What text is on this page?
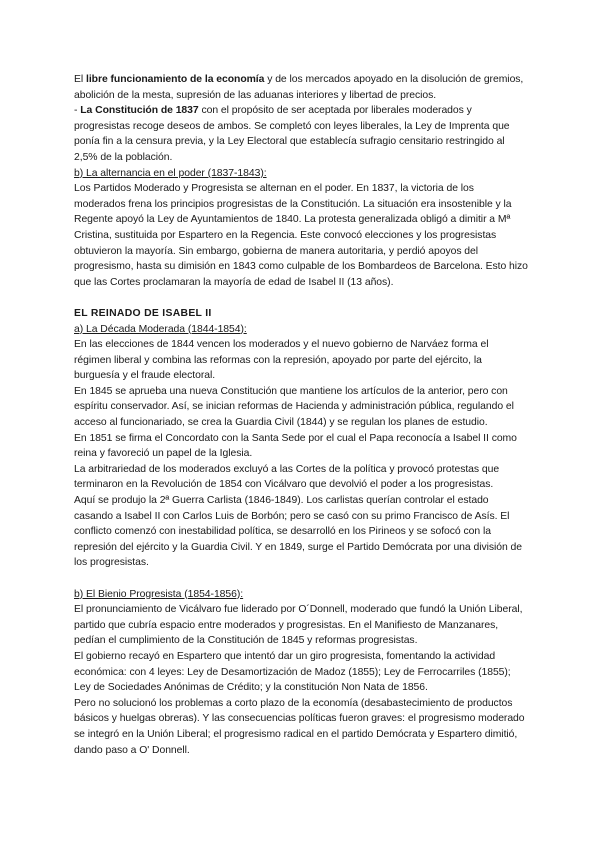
El libre funcionamiento de la economía y de los mercados apoyado en la disolución de gremios, abolición de la mesta, supresión de las aduanas interiores y libertad de precios.

- La Constitución de 1837 con el propósito de ser aceptada por liberales moderados y progresistas recoge deseos de ambos. Se completó con leyes liberales, la Ley de Imprenta que ponía fin a la censura previa, y la Ley Electoral que establecía sufragio censitario restringido al 2,5% de la población.

b) La alternancia en el poder (1837-1843):

Los Partidos Moderado y Progresista se alternan en el poder. En 1837, la victoria de los moderados frena los principios progresistas de la Constitución. La situación era insostenible y la Regente apoyó la Ley de Ayuntamientos de 1840. La protesta generalizada obligó a dimitir a Mª Cristina, sustituida por Espartero en la Regencia. Este convocó elecciones y los progresistas obtuvieron la mayoría. Sin embargo, gobierna de manera autoritaria, y perdió apoyos del progresismo, hasta su dimisión en 1843 como culpable de los Bombardeos de Barcelona. Esto hizo que las Cortes proclamaran la mayoría de edad de Isabel II (13 años).

EL REINADO DE ISABEL II

a) La Década Moderada (1844-1854):

En las elecciones de 1844 vencen los moderados y el nuevo gobierno de Narváez forma el régimen liberal y combina las reformas con la represión, apoyado por parte del ejército, la burguesía y el fraude electoral.

En 1845 se aprueba una nueva Constitución que mantiene los artículos de la anterior, pero con espíritu conservador. Así, se inician reformas de Hacienda y administración pública, regulando el acceso al funcionariado, se crea la Guardia Civil (1844) y se regulan los planes de estudio.

En 1851 se firma el Concordato con la Santa Sede por el cual el Papa reconocía a Isabel II como reina y favoreció un papel de la Iglesia.

La arbitrariedad de los moderados excluyó a las Cortes de la política y provocó protestas que terminaron en la Revolución de 1854 con Vicálvaro que devolvió el poder a los progresistas.

Aquí se produjo la 2ª Guerra Carlista (1846-1849). Los carlistas querían controlar el estado casando a Isabel II con Carlos Luis de Borbón; pero se casó con su primo Francisco de Asís. El conflicto comenzó con inestabilidad política, se desarrolló en los Pirineos y se sofocó con la represión del ejército y la Guardia Civil. Y en 1849, surge el Partido Demócrata por una división de los progresistas.

b) El Bienio Progresista (1854-1856):

El pronunciamiento de Vicálvaro fue liderado por O´Donnell, moderado que fundó la Unión Liberal, partido que cubría espacio entre moderados y progresistas. En el Manifiesto de Manzanares, pedían el cumplimiento de la Constitución de 1845 y reformas progresistas.

El gobierno recayó en Espartero que intentó dar un giro progresista, fomentando la actividad económica: con 4 leyes: Ley de Desamortización de Madoz (1855); Ley de Ferrocarriles (1855); Ley de Sociedades Anónimas de Crédito; y la constitución Non Nata de 1856.

Pero no solucionó los problemas a corto plazo de la economía (desabastecimiento de productos básicos y huelgas obreras). Y las consecuencias políticas fueron graves: el progresismo moderado se integró en la Unión Liberal; el progresismo radical en el partido Demócrata y Espartero dimitió, dando paso a O' Donnell.
